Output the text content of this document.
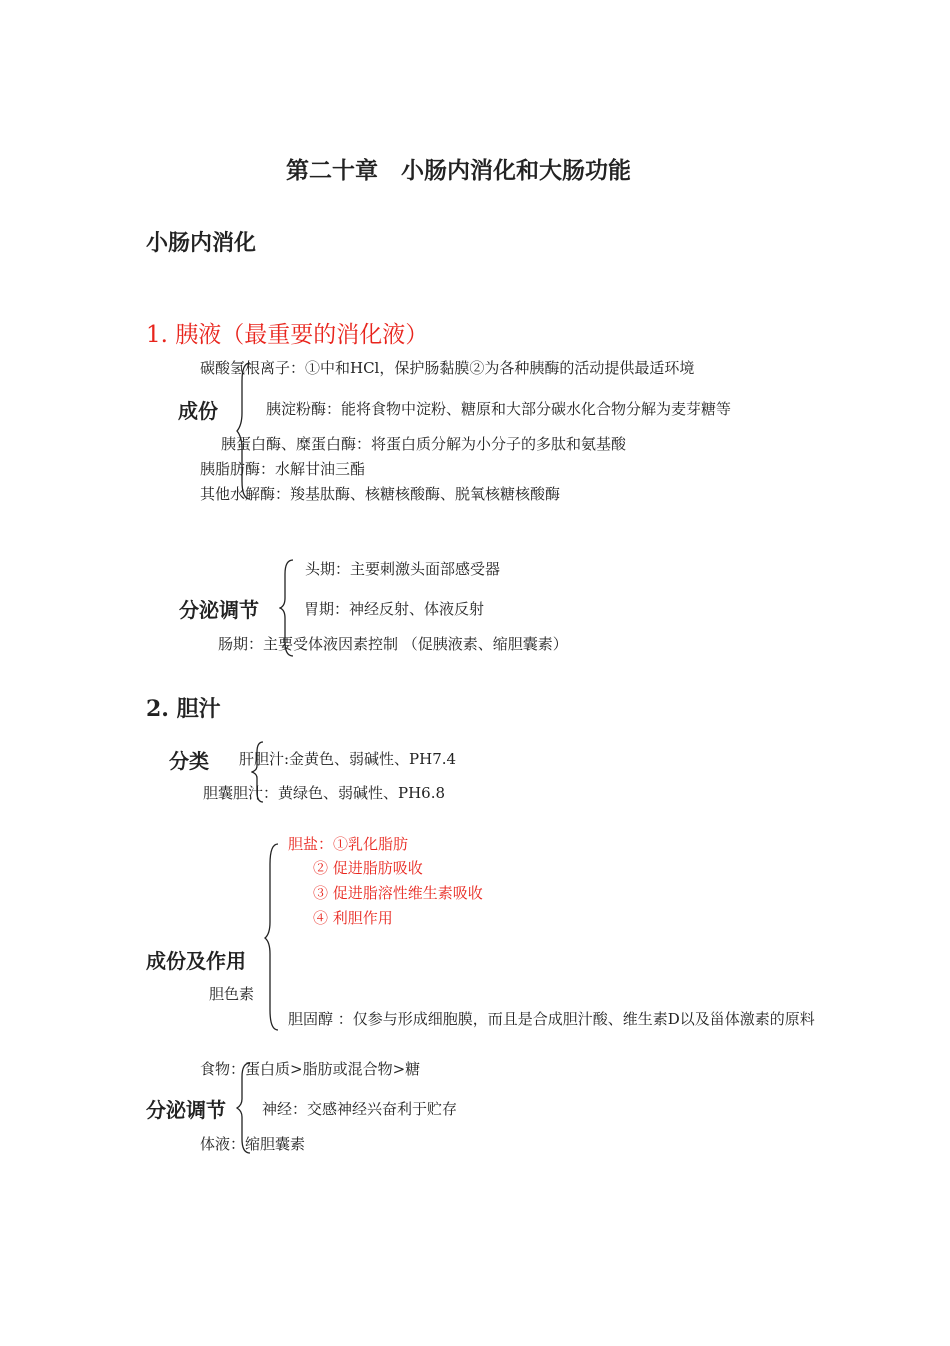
第二十章　小肠内消化和大肠功能
小肠内消化
1. 胰液（最重要的消化液）
碳酸氢根离子：①中和HCl，保护肠黏膜②为各种胰酶的活动提供最适环境
成份	胰淀粉酶：能将食物中淀粉、糖原和大部分碳水化合物分解为麦芽糖等
胰蛋白酶、糜蛋白酶：将蛋白质分解为小分子的多肽和氨基酸
胰脂肪酶：水解甘油三酯
其他水解酶：羧基肽酶、核糖核酸酶、脱氧核糖核酸酶
分泌调节
头期：主要刺激头面部感受器
胃期：神经反射、体液反射
肠期：主要受体液因素控制 （促胰液素、缩胆囊素）
2. 胆汁
分类 肝胆汁:金黄色、弱碱性、PH7.4
胆囊胆汁：黄绿色、弱碱性、PH6.8
成份及作用
胆盐：①乳化脂肪
② 促进脂肪吸收
③ 促进脂溶性维生素吸收
④ 利胆作用
胆色素
胆固醇 ：仅参与形成细胞膜，而且是合成胆汁酸、维生素D以及甾体激素的原料
分泌调节
食物：蛋白质>脂肪或混合物>糖
神经：交感神经兴奋利于贮存
体液：缩胆囊素
